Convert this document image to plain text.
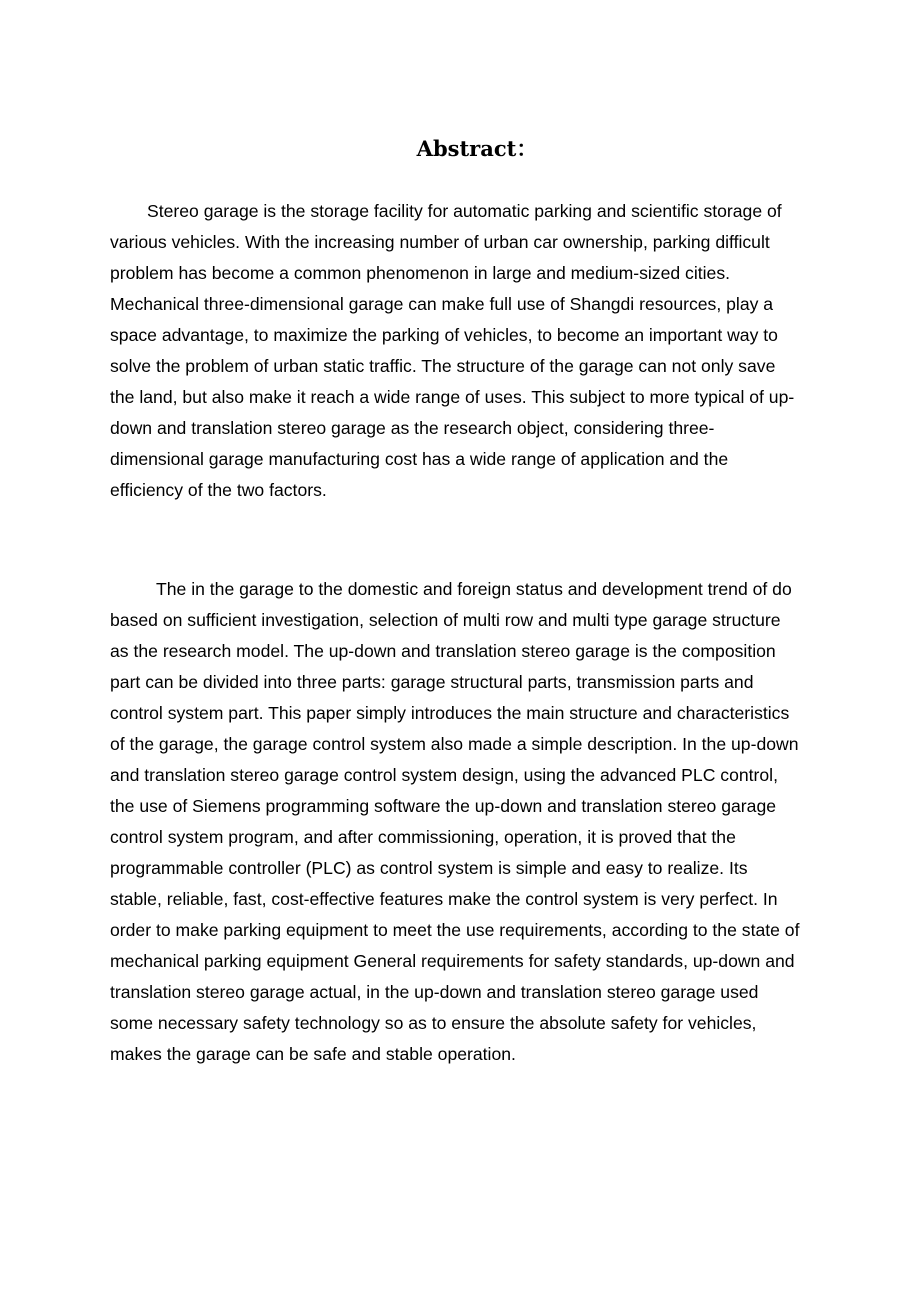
Abstract：

Stereo garage is the storage facility for automatic parking and scientific storage of various vehicles. With the increasing number of urban car ownership, parking difficult problem has become a common phenomenon in large and medium-sized cities. Mechanical three-dimensional garage can make full use of Shangdi resources, play a space advantage, to maximize the parking of vehicles, to become an important way to solve the problem of urban static traffic. The structure of the garage can not only save the land, but also make it reach a wide range of uses. This subject to more typical of up-down and translation stereo garage as the research object, considering three-dimensional garage manufacturing cost has a wide range of application and the efficiency of the two factors.

The in the garage to the domestic and foreign status and development trend of do based on sufficient investigation, selection of multi row and multi type garage structure as the research model. The up-down and translation stereo garage is the composition part can be divided into three parts: garage structural parts, transmission parts and control system part. This paper simply introduces the main structure and characteristics of the garage, the garage control system also made a simple description. In the up-down and translation stereo garage control system design, using the advanced PLC control, the use of Siemens programming software the up-down and translation stereo garage control system program, and after commissioning, operation, it is proved that the programmable controller (PLC) as control system is simple and easy to realize. Its stable, reliable, fast, cost-effective features make the control system is very perfect. In order to make parking equipment to meet the use requirements, according to the state of mechanical parking equipment General requirements for safety standards, up-down and translation stereo garage actual, in the up-down and translation stereo garage used some necessary safety technology so as to ensure the absolute safety for vehicles, makes the garage can be safe and stable operation.
